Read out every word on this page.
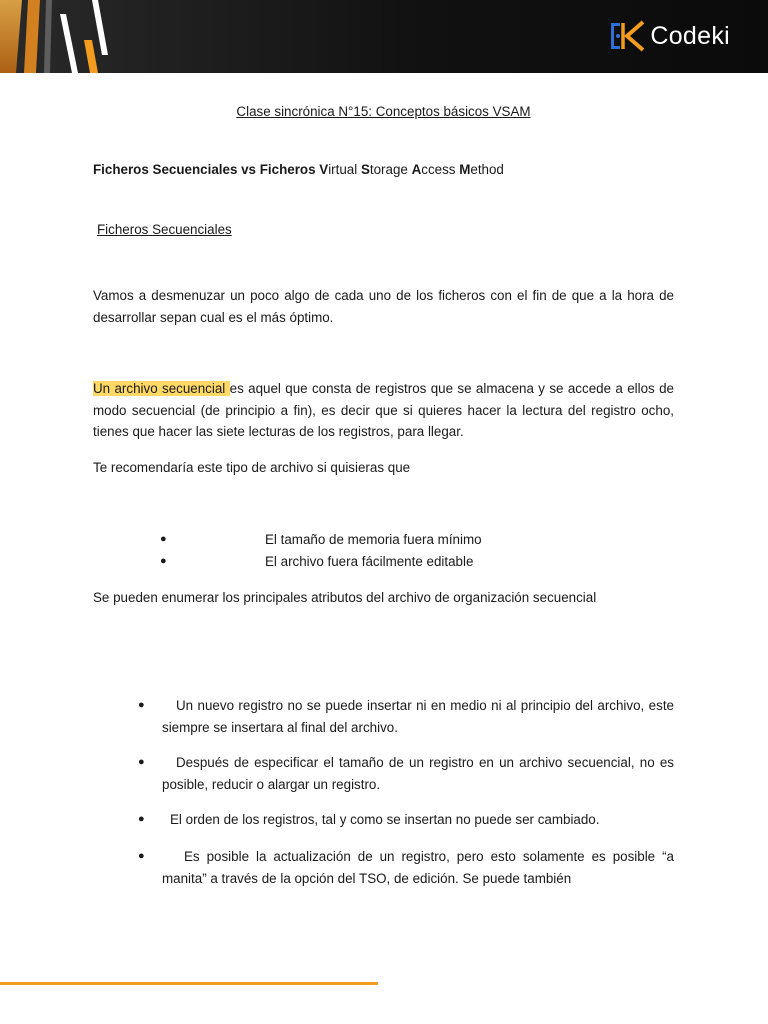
Codeki
Clase sincrónica N°15: Conceptos básicos VSAM
Ficheros Secuenciales vs Ficheros Virtual Storage Access Method
Ficheros Secuenciales

Vamos a desmenuzar un poco algo de cada uno de los ficheros con el fin de que a la hora de desarrollar sepan cual es el más óptimo.

Un archivo secuencial es aquel que consta de registros que se almacena y se accede a ellos de modo secuencial (de principio a fin), es decir que si quieres hacer la lectura del registro ocho, tienes que hacer las siete lecturas de los registros, para llegar.

Te recomendaría este tipo de archivo si quisieras que

●	El tamaño de memoria fuera mínimo
●	El archivo fuera fácilmente editable

Se pueden enumerar los principales atributos del archivo de organización secuencial

●	Un nuevo registro no se puede insertar ni en medio ni al principio del archivo, este siempre se insertara al final del archivo.
●	Después de especificar el tamaño de un registro en un archivo secuencial, no es posible, reducir o alargar un registro.
●	El orden de los registros, tal y como se insertan no puede ser cambiado.
●	Es posible la actualización de un registro, pero esto solamente es posible “a manita” a través de la opción del TSO, de edición. Se puede también
